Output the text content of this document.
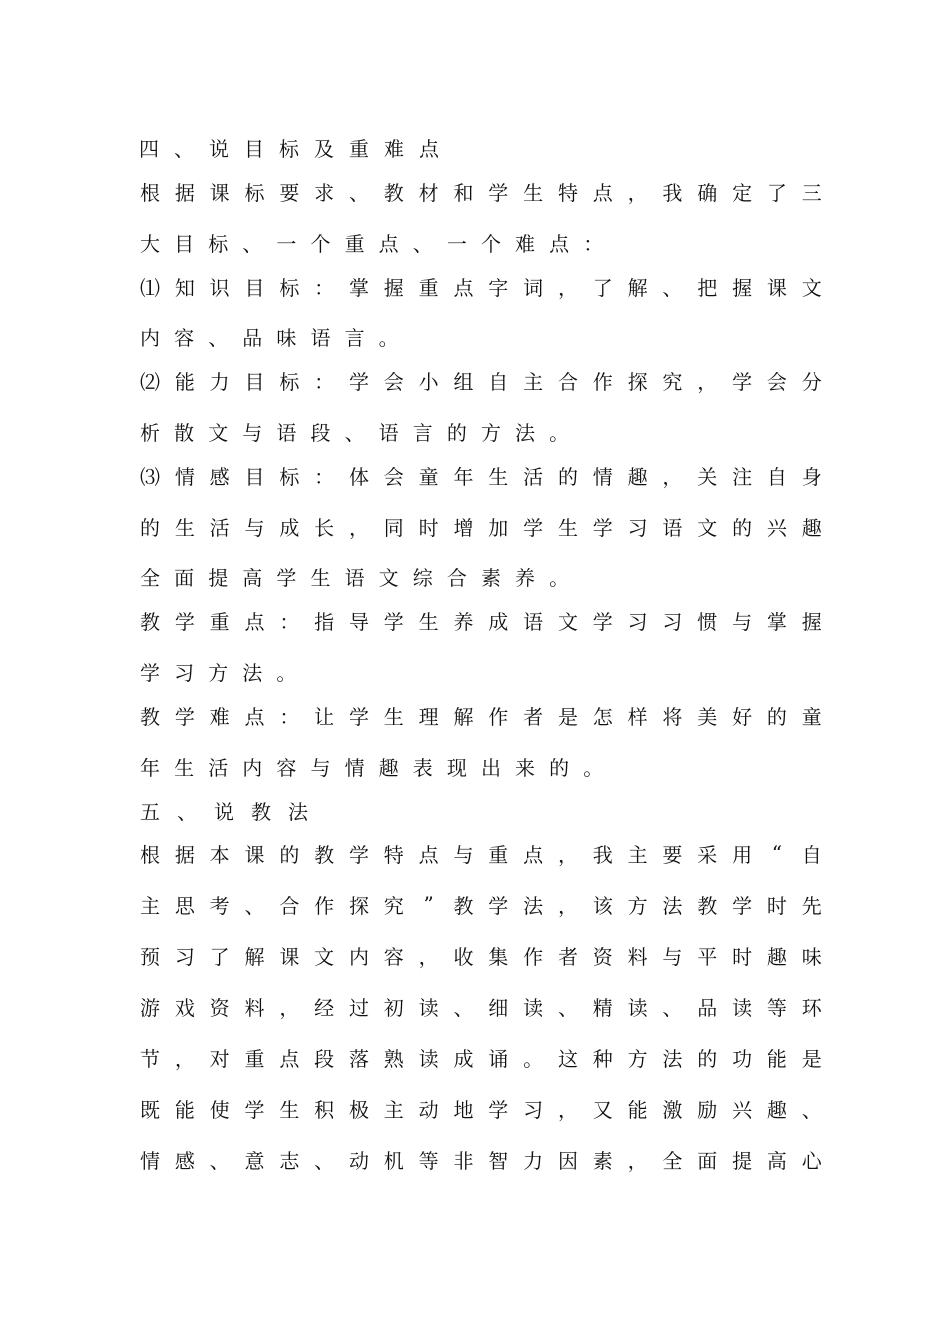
四 、 说 目 标 及 重 难 点
根 据 课 标 要 求 、 教 材 和 学 生 特 点 ， 我 确 定 了 三
大 目 标 、 一 个 重 点 、 一 个 难 点 ：
⑴ 知 识 目 标 ： 掌 握 重 点 字 词 ， 了 解 、 把 握 课 文
内 容 、 品 味 语 言 。
⑵ 能 力 目 标 ： 学 会 小 组 自 主 合 作 探 究 ， 学 会 分
析 散 文 与 语 段 、 语 言 的 方 法 。
⑶ 情 感 目 标 ： 体 会 童 年 生 活 的 情 趣 ， 关 注 自 身
的 生 活 与 成 长 ， 同 时 增 加 学 生 学 习 语 文 的 兴 趣
全 面 提 高 学 生 语 文 综 合 素 养 。
教 学 重 点 ： 指 导 学 生 养 成 语 文 学 习 习 惯 与 掌 握
学 习 方 法 。
教 学 难 点 ： 让 学 生 理 解 作 者 是 怎 样 将 美 好 的 童
年 生 活 内 容 与 情 趣 表 现 出 来 的 。
五 、 说 教 法
根 据 本 课 的 教 学 特 点 与 重 点 ， 我 主 要 采 用 “ 自
主 思 考 、 合 作 探 究 ” 教 学 法 ， 该 方 法 教 学 时 先
预 习 了 解 课 文 内 容 ， 收 集 作 者 资 料 与 平 时 趣 味
游 戏 资 料 ， 经 过 初 读 、 细 读 、 精 读 、 品 读 等 环
节 ， 对 重 点 段 落 熟 读 成 诵 。 这 种 方 法 的 功 能 是
既 能 使 学 生 积 极 主 动 地 学 习 ， 又 能 激 励 兴 趣 、
情 感 、 意 志 、 动 机 等 非 智 力 因 素 ， 全 面 提 高 心
